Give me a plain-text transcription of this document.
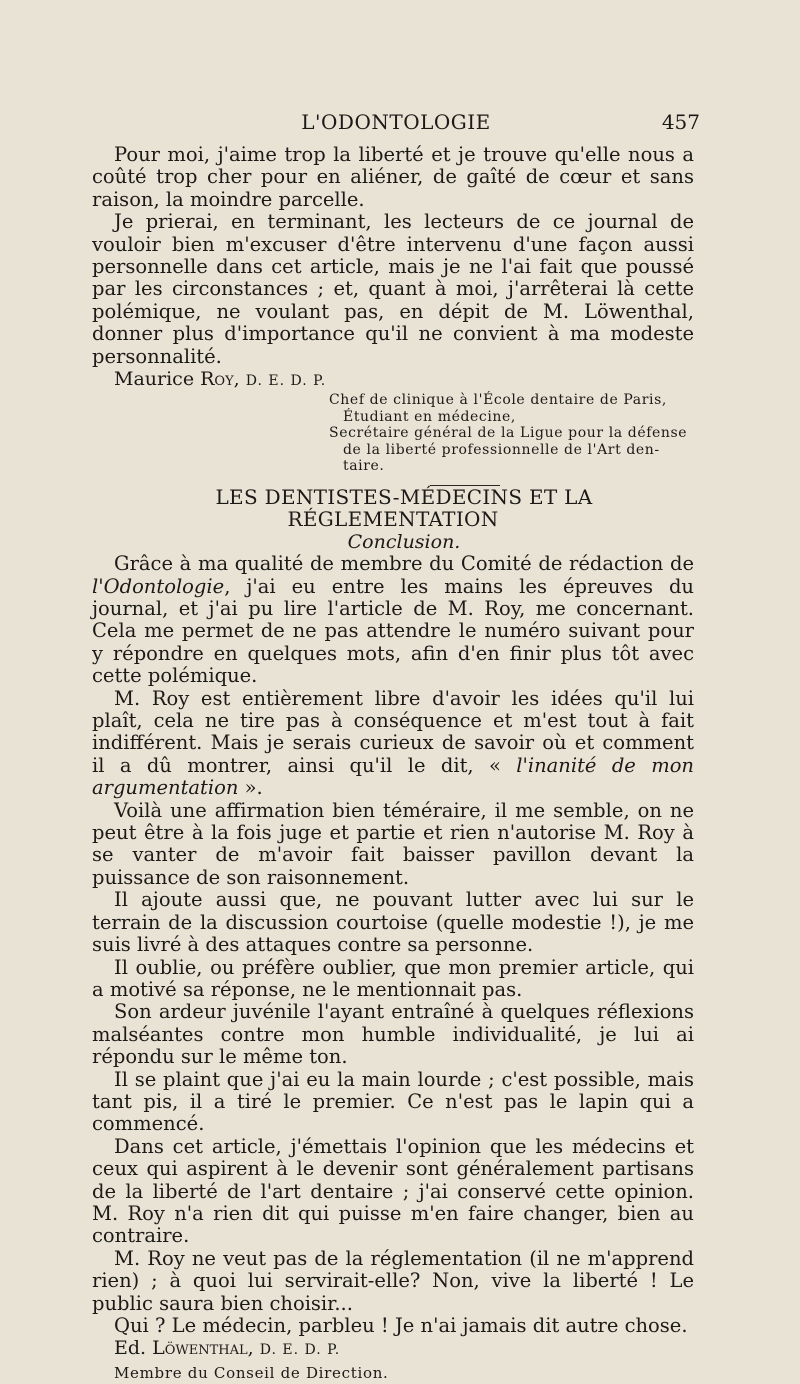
L'ODONTOLOGIE	457

Pour moi, j'aime trop la liberté et je trouve qu'elle nous a coûté trop cher pour en aliéner, de gaîté de cœur et sans raison, la moindre parcelle.

Je prierai, en terminant, les lecteurs de ce journal de vouloir bien m'excuser d'être intervenu d'une façon aussi personnelle dans cet article, mais je ne l'ai fait que poussé par les circonstances ; et, quant à moi, j'arrêterai là cette polémique, ne voulant pas, en dépit de M. Löwenthal, donner plus d'importance qu'il ne convient à ma modeste personnalité.

Maurice Roy, D. E. D. P.

Chef de clinique à l'École dentaire de Paris,
Étudiant en médecine,
Secrétaire général de la Ligue pour la défense
de la liberté professionnelle de l'Art den-
taire.

LES DENTISTES-MÉDECINS ET LA RÉGLEMENTATION

Conclusion.

Grâce à ma qualité de membre du Comité de rédaction de l'Odontologie, j'ai eu entre les mains les épreuves du journal, et j'ai pu lire l'article de M. Roy, me concernant. Cela me permet de ne pas attendre le numéro suivant pour y répondre en quelques mots, afin d'en finir plus tôt avec cette polémique.

M. Roy est entièrement libre d'avoir les idées qu'il lui plaît, cela ne tire pas à conséquence et m'est tout à fait indifférent. Mais je serais curieux de savoir où et comment il a dû montrer, ainsi qu'il le dit, « l'inanité de mon argumentation ».

Voilà une affirmation bien téméraire, il me semble, on ne peut être à la fois juge et partie et rien n'autorise M. Roy à se vanter de m'avoir fait baisser pavillon devant la puissance de son raisonnement.

Il ajoute aussi que, ne pouvant lutter avec lui sur le terrain de la discussion courtoise (quelle modestie !), je me suis livré à des attaques contre sa personne.

Il oublie, ou préfère oublier, que mon premier article, qui a motivé sa réponse, ne le mentionnait pas.

Son ardeur juvénile l'ayant entraîné à quelques réflexions malséantes contre mon humble individualité, je lui ai répondu sur le même ton.

Il se plaint que j'ai eu la main lourde ; c'est possible, mais tant pis, il a tiré le premier. Ce n'est pas le lapin qui a commencé.

Dans cet article, j'émettais l'opinion que les médecins et ceux qui aspirent à le devenir sont généralement partisans de la liberté de l'art dentaire ; j'ai conservé cette opinion. M. Roy n'a rien dit qui puisse m'en faire changer, bien au contraire.

M. Roy ne veut pas de la réglementation (il ne m'apprend rien) ; à quoi lui servirait-elle? Non, vive la liberté ! Le public saura bien choisir...

Qui ? Le médecin, parbleu ! Je n'ai jamais dit autre chose.

Ed. Löwenthal, D. E. D. P.

Membre du Conseil de Direction.
